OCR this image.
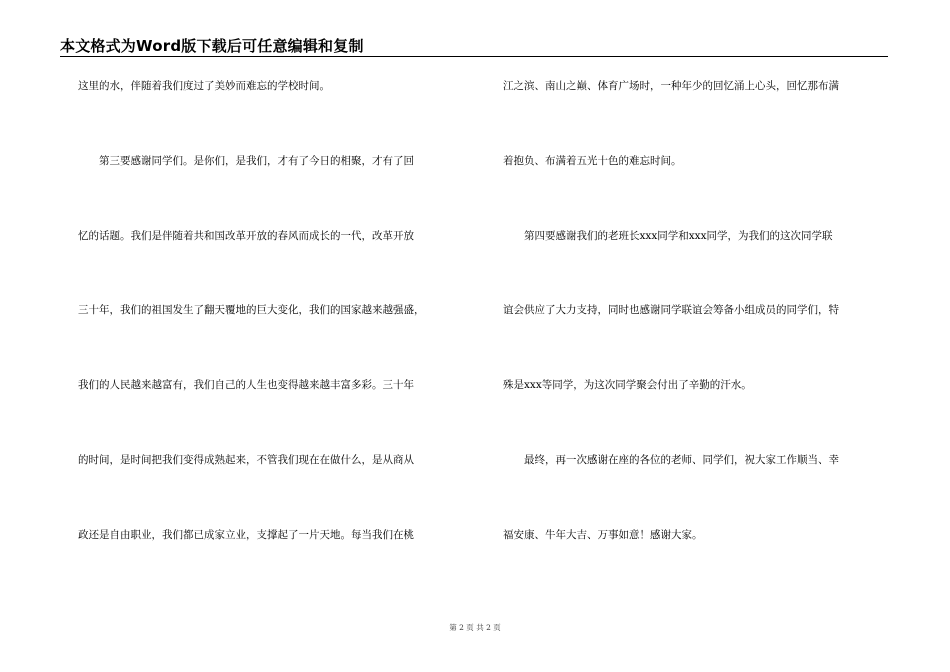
本文格式为Word版下载后可任意编辑和复制
这里的水，伴随着我们度过了美妙而难忘的学校时间。
　　第三要感谢同学们。是你们，是我们，才有了今日的相聚，才有了回
忆的话题。我们是伴随着共和国改革开放的春风而成长的一代，改革开放
三十年，我们的祖国发生了翻天覆地的巨大变化，我们的国家越来越强盛，
我们的人民越来越富有，我们自己的人生也变得越来越丰富多彩。三十年
的时间，是时间把我们变得成熟起来，不管我们现在在做什么，是从商从
政还是自由职业，我们都已成家立业，支撑起了一片天地。每当我们在桃
江之滨、南山之巅、体育广场时，一种年少的回忆涌上心头，回忆那布满
着抱负、布满着五光十色的难忘时间。
　　第四要感谢我们的老班长xxx同学和xxx同学，为我们的这次同学联
谊会供应了大力支持，同时也感谢同学联谊会筹备小组成员的同学们，特
殊是xxx等同学，为这次同学聚会付出了辛勤的汗水。
　　最终，再一次感谢在座的各位的老师、同学们，祝大家工作顺当、幸
福安康、牛年大吉、万事如意！感谢大家。
第 2 页 共 2 页
